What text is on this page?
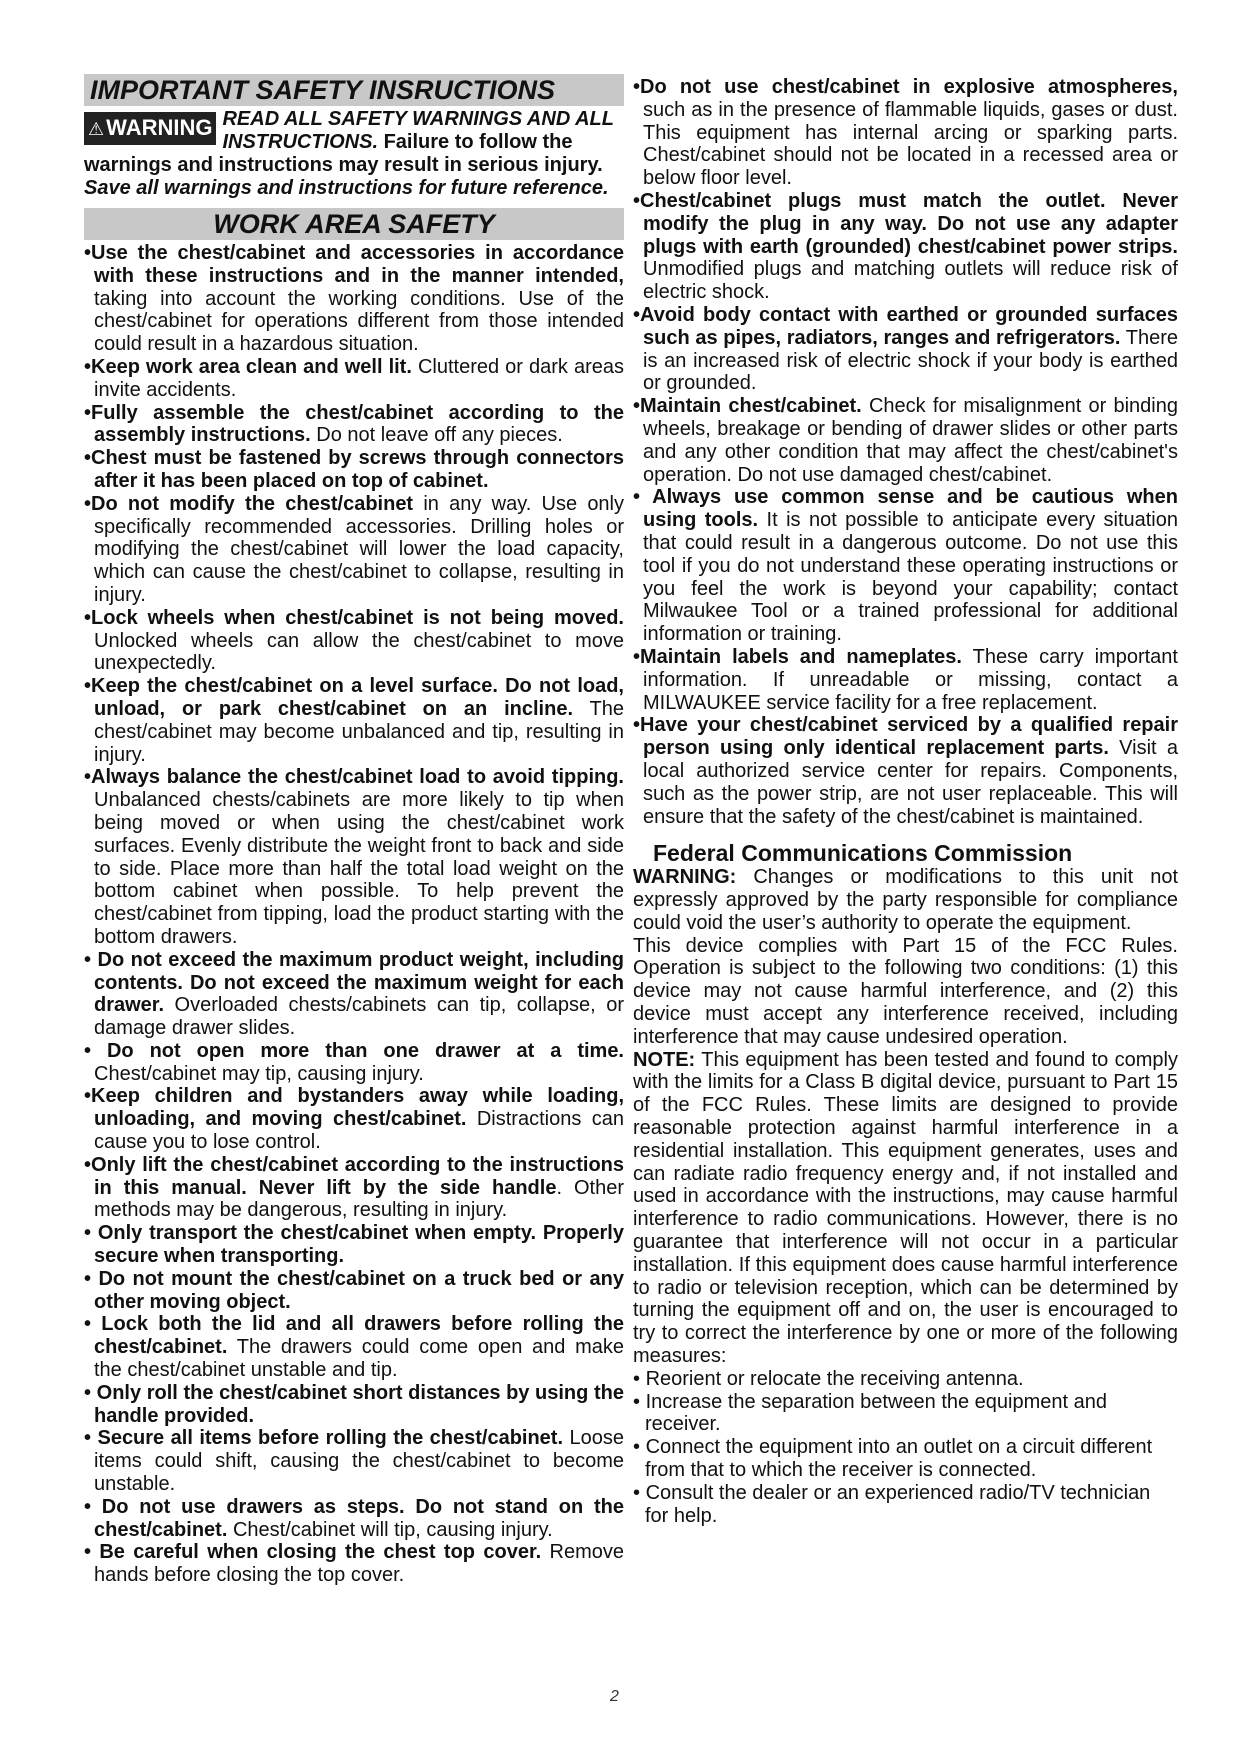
IMPORTANT SAFETY INSRUCTIONS
⚠WARNING READ ALL SAFETY WARNINGS AND ALL INSTRUCTIONS. Failure to follow the warnings and instructions may result in serious injury. Save all warnings and instructions for future reference.
WORK AREA SAFETY
•Use the chest/cabinet and accessories in accordance with these instructions and in the manner intended, taking into account the working conditions. Use of the chest/cabinet for operations different from those intended could result in a hazardous situation.
•Keep work area clean and well lit. Cluttered or dark areas invite accidents.
•Fully assemble the chest/cabinet according to the assembly instructions. Do not leave off any pieces.
•Chest must be fastened by screws through connectors after it has been placed on top of cabinet.
•Do not modify the chest/cabinet in any way. Use only specifically recommended accessories. Drilling holes or modifying the chest/cabinet will lower the load capacity, which can cause the chest/cabinet to collapse, resulting in injury.
•Lock wheels when chest/cabinet is not being moved. Unlocked wheels can allow the chest/cabinet to move unexpectedly.
•Keep the chest/cabinet on a level surface. Do not load, unload, or park chest/cabinet on an incline. The chest/cabinet may become unbalanced and tip, resulting in injury.
•Always balance the chest/cabinet load to avoid tipping. Unbalanced chests/cabinets are more likely to tip when being moved or when using the chest/cabinet work surfaces. Evenly distribute the weight front to back and side to side. Place more than half the total load weight on the bottom cabinet when possible. To help prevent the chest/cabinet from tipping, load the product starting with the bottom drawers.
• Do not exceed the maximum product weight, including contents. Do not exceed the maximum weight for each drawer. Overloaded chests/cabinets can tip, collapse, or damage drawer slides.
• Do not open more than one drawer at a time. Chest/cabinet may tip, causing injury.
•Keep children and bystanders away while loading, unloading, and moving chest/cabinet. Distractions can cause you to lose control.
•Only lift the chest/cabinet according to the instructions in this manual. Never lift by the side handle. Other methods may be dangerous, resulting in injury.
• Only transport the chest/cabinet when empty. Properly secure when transporting.
• Do not mount the chest/cabinet on a truck bed or any other moving object.
• Lock both the lid and all drawers before rolling the chest/cabinet. The drawers could come open and make the chest/cabinet unstable and tip.
• Only roll the chest/cabinet short distances by using the handle provided.
• Secure all items before rolling the chest/cabinet. Loose items could shift, causing the chest/cabinet to become unstable.
• Do not use drawers as steps. Do not stand on the chest/cabinet. Chest/cabinet will tip, causing injury.
• Be careful when closing the chest top cover. Remove hands before closing the top cover.
•Do not use chest/cabinet in explosive atmospheres, such as in the presence of flammable liquids, gases or dust. This equipment has internal arcing or sparking parts. Chest/cabinet should not be located in a recessed area or below floor level.
•Chest/cabinet plugs must match the outlet. Never modify the plug in any way. Do not use any adapter plugs with earth (grounded) chest/cabinet power strips. Unmodified plugs and matching outlets will reduce risk of electric shock.
•Avoid body contact with earthed or grounded surfaces such as pipes, radiators, ranges and refrigerators. There is an increased risk of electric shock if your body is earthed or grounded.
•Maintain chest/cabinet. Check for misalignment or binding wheels, breakage or bending of drawer slides or other parts and any other condition that may affect the chest/cabinet's operation. Do not use damaged chest/cabinet.
• Always use common sense and be cautious when using tools. It is not possible to anticipate every situation that could result in a dangerous outcome. Do not use this tool if you do not understand these operating instructions or you feel the work is beyond your capability; contact Milwaukee Tool or a trained professional for additional information or training.
•Maintain labels and nameplates. These carry important information. If unreadable or missing, contact a MILWAUKEE service facility for a free replacement.
•Have your chest/cabinet serviced by a qualified repair person using only identical replacement parts. Visit a local authorized service center for repairs. Components, such as the power strip, are not user replaceable. This will ensure that the safety of the chest/cabinet is maintained.
Federal Communications Commission

WARNING: Changes or modifications to this unit not expressly approved by the party responsible for compliance could void the user’s authority to operate the equipment.

This device complies with Part 15 of the FCC Rules. Operation is subject to the following two conditions: (1) this device may not cause harmful interference, and (2) this device must accept any interference received, including interference that may cause undesired operation.

NOTE: This equipment has been tested and found to comply with the limits for a Class B digital device, pursuant to Part 15 of the FCC Rules. These limits are designed to provide reasonable protection against harmful interference in a residential installation. This equipment generates, uses and can radiate radio frequency energy and, if not installed and used in accordance with the instructions, may cause harmful interference to radio communications. However, there is no guarantee that interference will not occur in a particular installation. If this equipment does cause harmful interference to radio or television reception, which can be determined by turning the equipment off and on, the user is encouraged to try to correct the interference by one or more of the following measures:

• Reorient or relocate the receiving antenna.
• Increase the separation between the equipment and receiver.
• Connect the equipment into an outlet on a circuit different from that to which the receiver is connected.
• Consult the dealer or an experienced radio/TV technician for help.
2
